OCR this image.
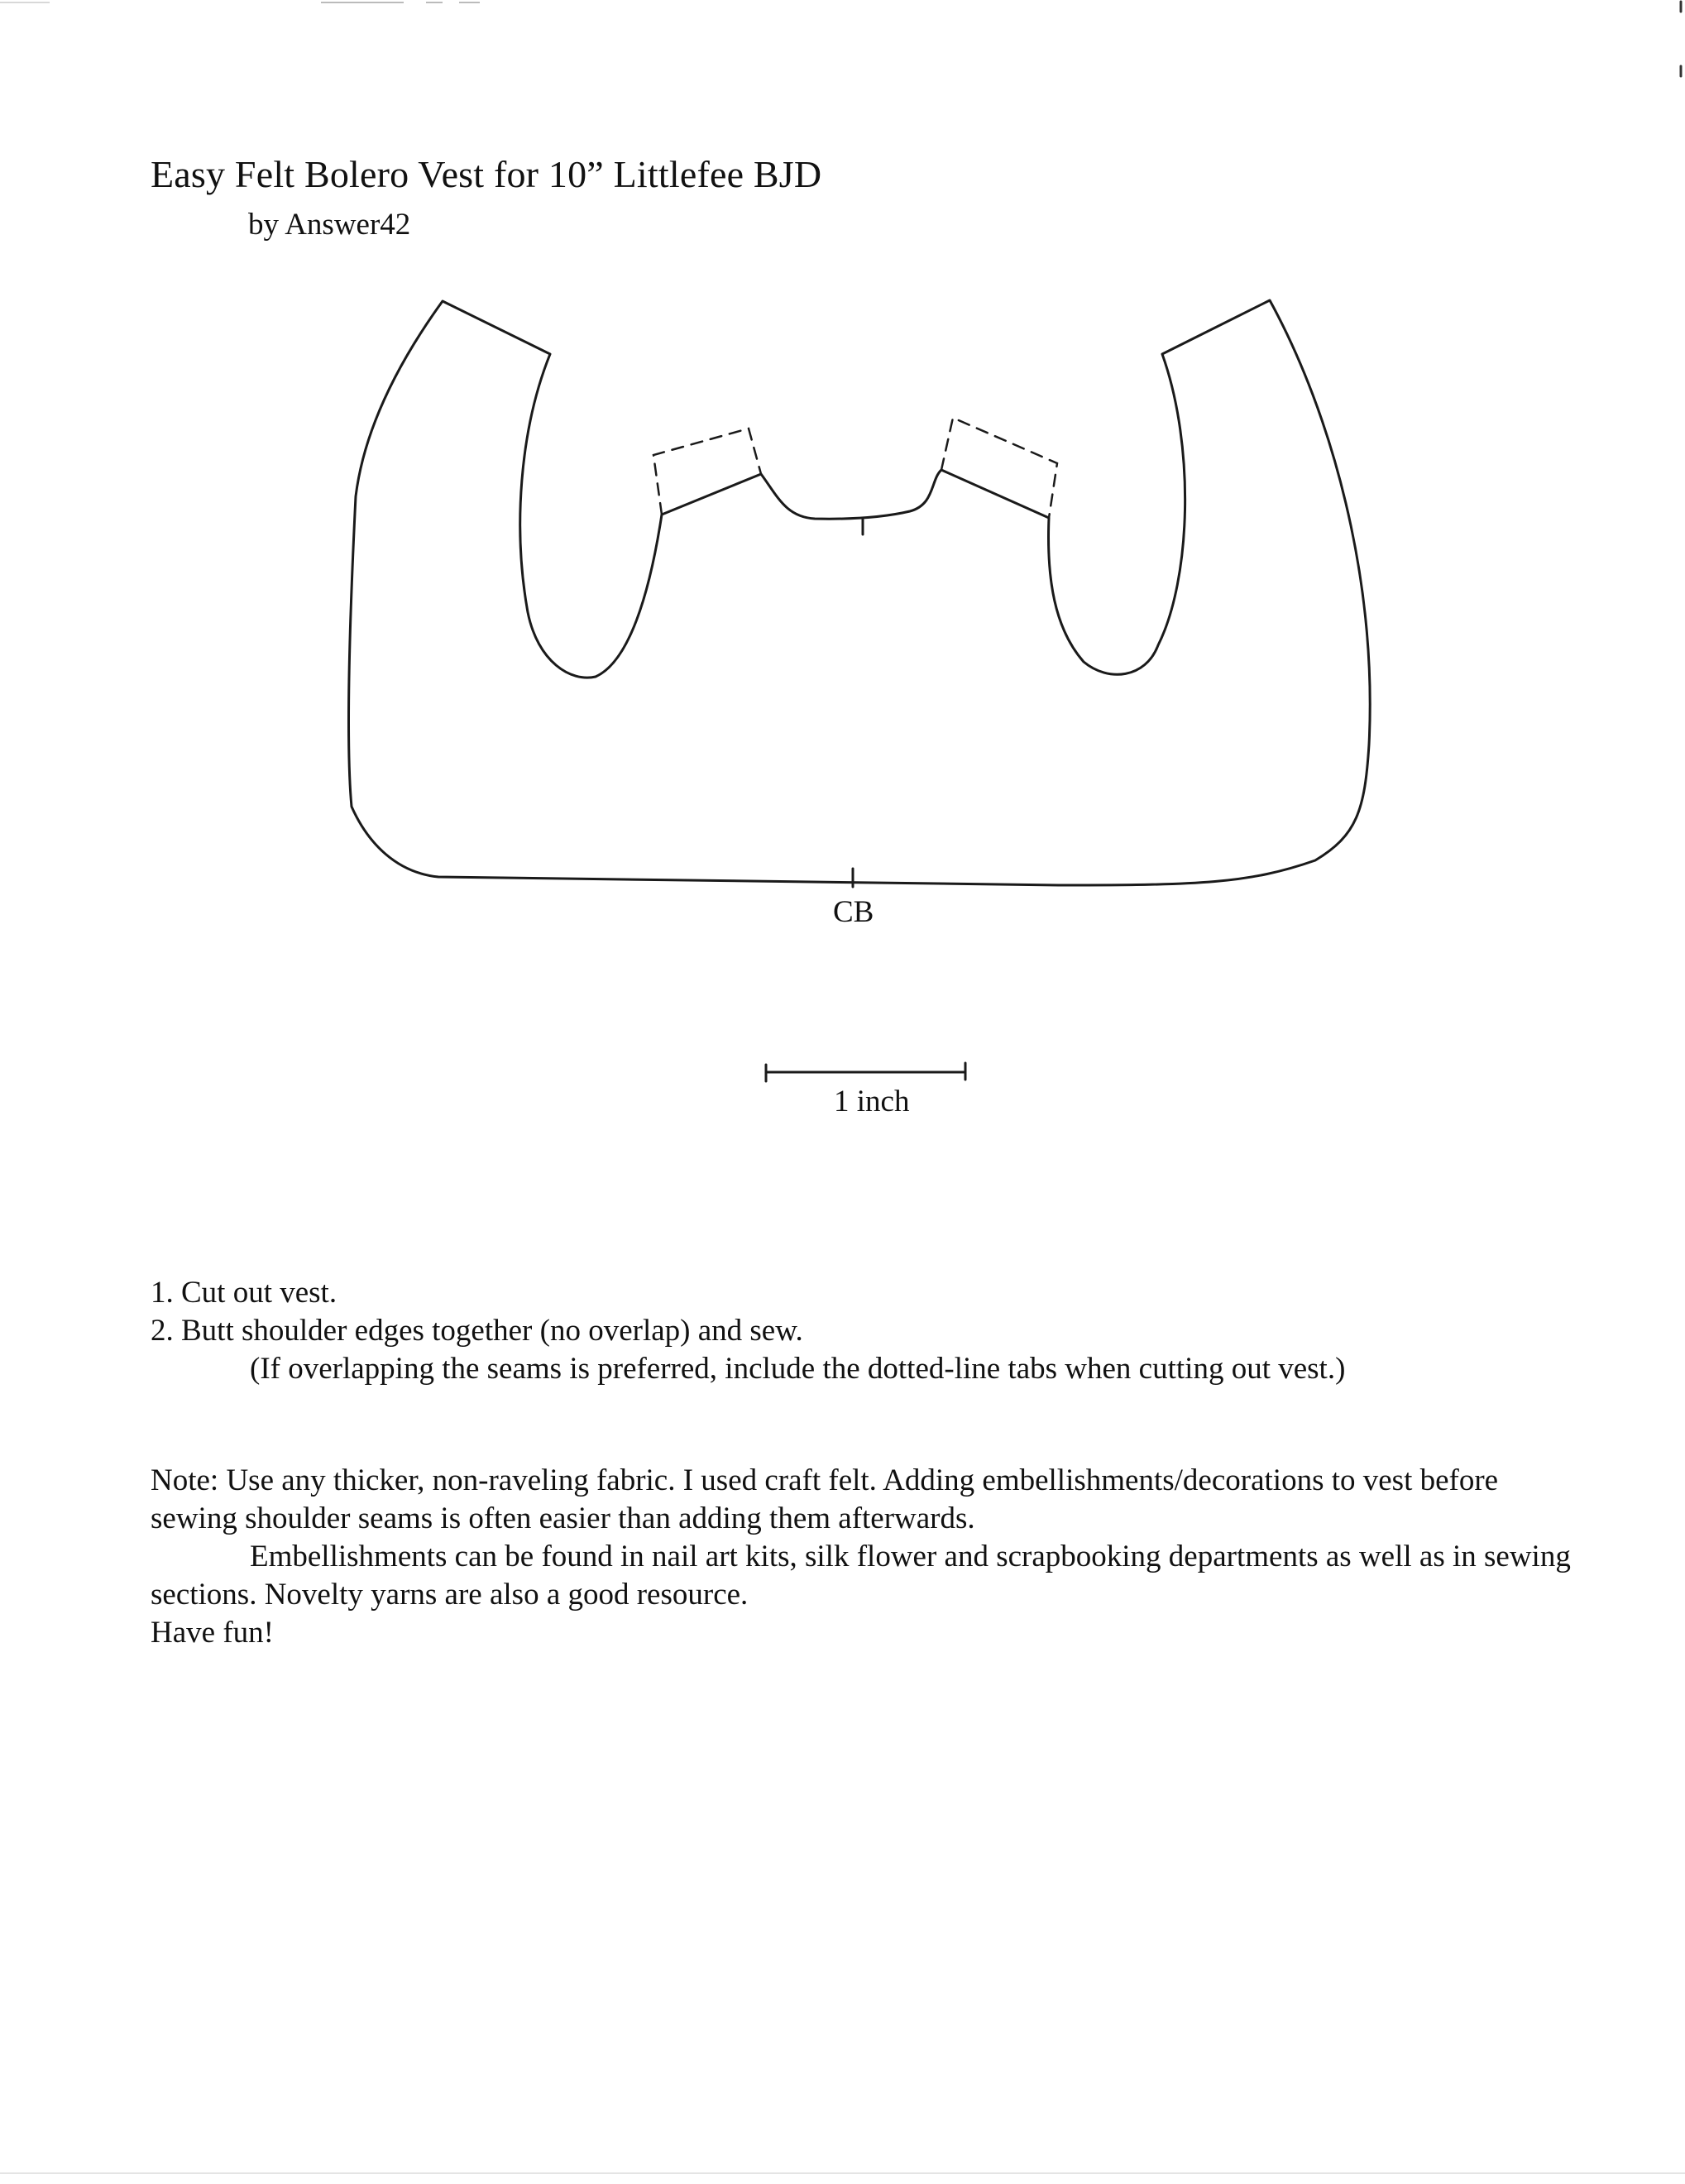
Easy Felt Bolero Vest for 10” Littlefee BJD
by Answer42
CB
1 inch

1. Cut out vest.

2. Butt shoulder edges together (no overlap) and sew.

(If overlapping the seams is preferred, include the dotted-line tabs when cutting out vest.)

Note: Use any thicker, non-raveling fabric. I used craft felt. Adding embellishments/decorations to vest before sewing shoulder seams is often easier than adding them afterwards.

Embellishments can be found in nail art kits, silk flower and scrapbooking departments as well as in sewing sections. Novelty yarns are also a good resource.

Have fun!
